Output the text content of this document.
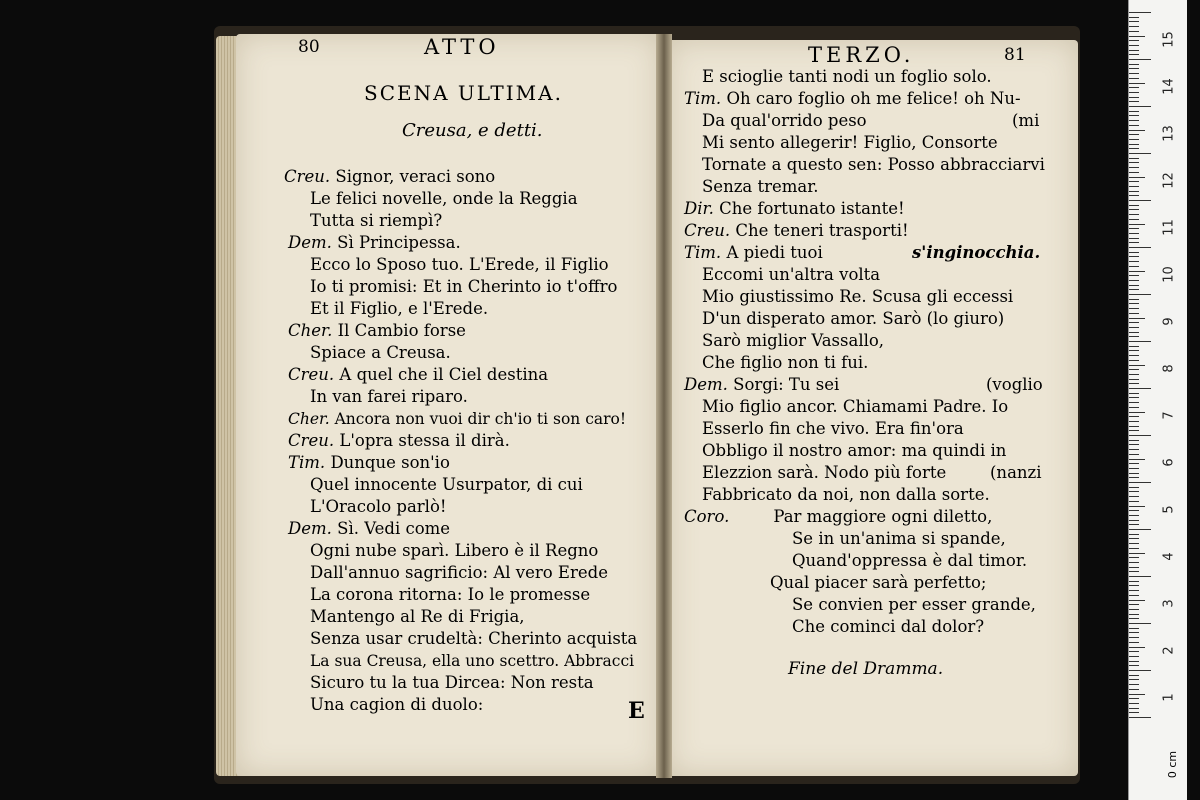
80	ATTO
SCENA ULTIMA.
Creusa, e detti.
Creu. Signor, veraci sono
Le felici novelle, onde la Reggia
Tutta si riempì?
Dem. Sì Principessa.
Ecco lo Sposo tuo. L'Erede, il Figlio
Io ti promisi: Et in Cherinto io t'offro
Et il Figlio, e l'Erede.
Cher. Il Cambio forse
Spiace a Creusa.
Creu. A quel che il Ciel destina
In van farei riparo.
Cher. Ancora non vuoi dir ch'io ti son caro!
Creu. L'opra stessa il dirà.
Tim. Dunque son'io
Quel innocente Usurpator, di cui
L'Oracolo parlò!
Dem. Sì. Vedi come
Ogni nube sparì. Libero è il Regno
Dall'annuo sagrificio: Al vero Erede
La corona ritorna: Io le promesse
Mantengo al Re di Frigia,
Senza usar crudeltà: Cherinto acquista
La sua Creusa, ella uno scettro. Abbracci
Sicuro tu la tua Dircea: Non resta
Una cagion di duolo:	E
TERZO.	81
E scioglie tanti nodi un foglio solo.
Tim. Oh caro foglio oh me felice! oh Nu-
Da qual'orrido peso	(mi
Mi sento allegerir! Figlio, Consorte
Tornate a questo sen: Posso abbracciarvi
Senza tremar.
Dir. Che fortunato istante!
Creu. Che teneri trasporti!
Tim. A piedi tuoi	s'inginocchia.
Eccomi un'altra volta
Mio giustissimo Re. Scusa gli eccessi
D'un disperato amor. Sarò (lo giuro)
Sarò miglior Vassallo,
Che figlio non ti fui.
Dem. Sorgi: Tu sei	(voglio
Mio figlio ancor. Chiamami Padre. Io
Esserlo fin che vivo. Era fin'ora
Obbligo il nostro amor: ma quindi in
Elezzion sarà. Nodo più forte	(nanzi
Fabbricato da noi, non dalla sorte.
Coro.	Par maggiore ogni diletto,
Se in un'anima si spande,
Quand'oppressa è dal timor.
Qual piacer sarà perfetto;
Se convien per esser grande,
Che cominci dal dolor?
Fine del Dramma.
15
14
13
12
11
10
9
8
7
6
5
4
3
2
1
0 cm
